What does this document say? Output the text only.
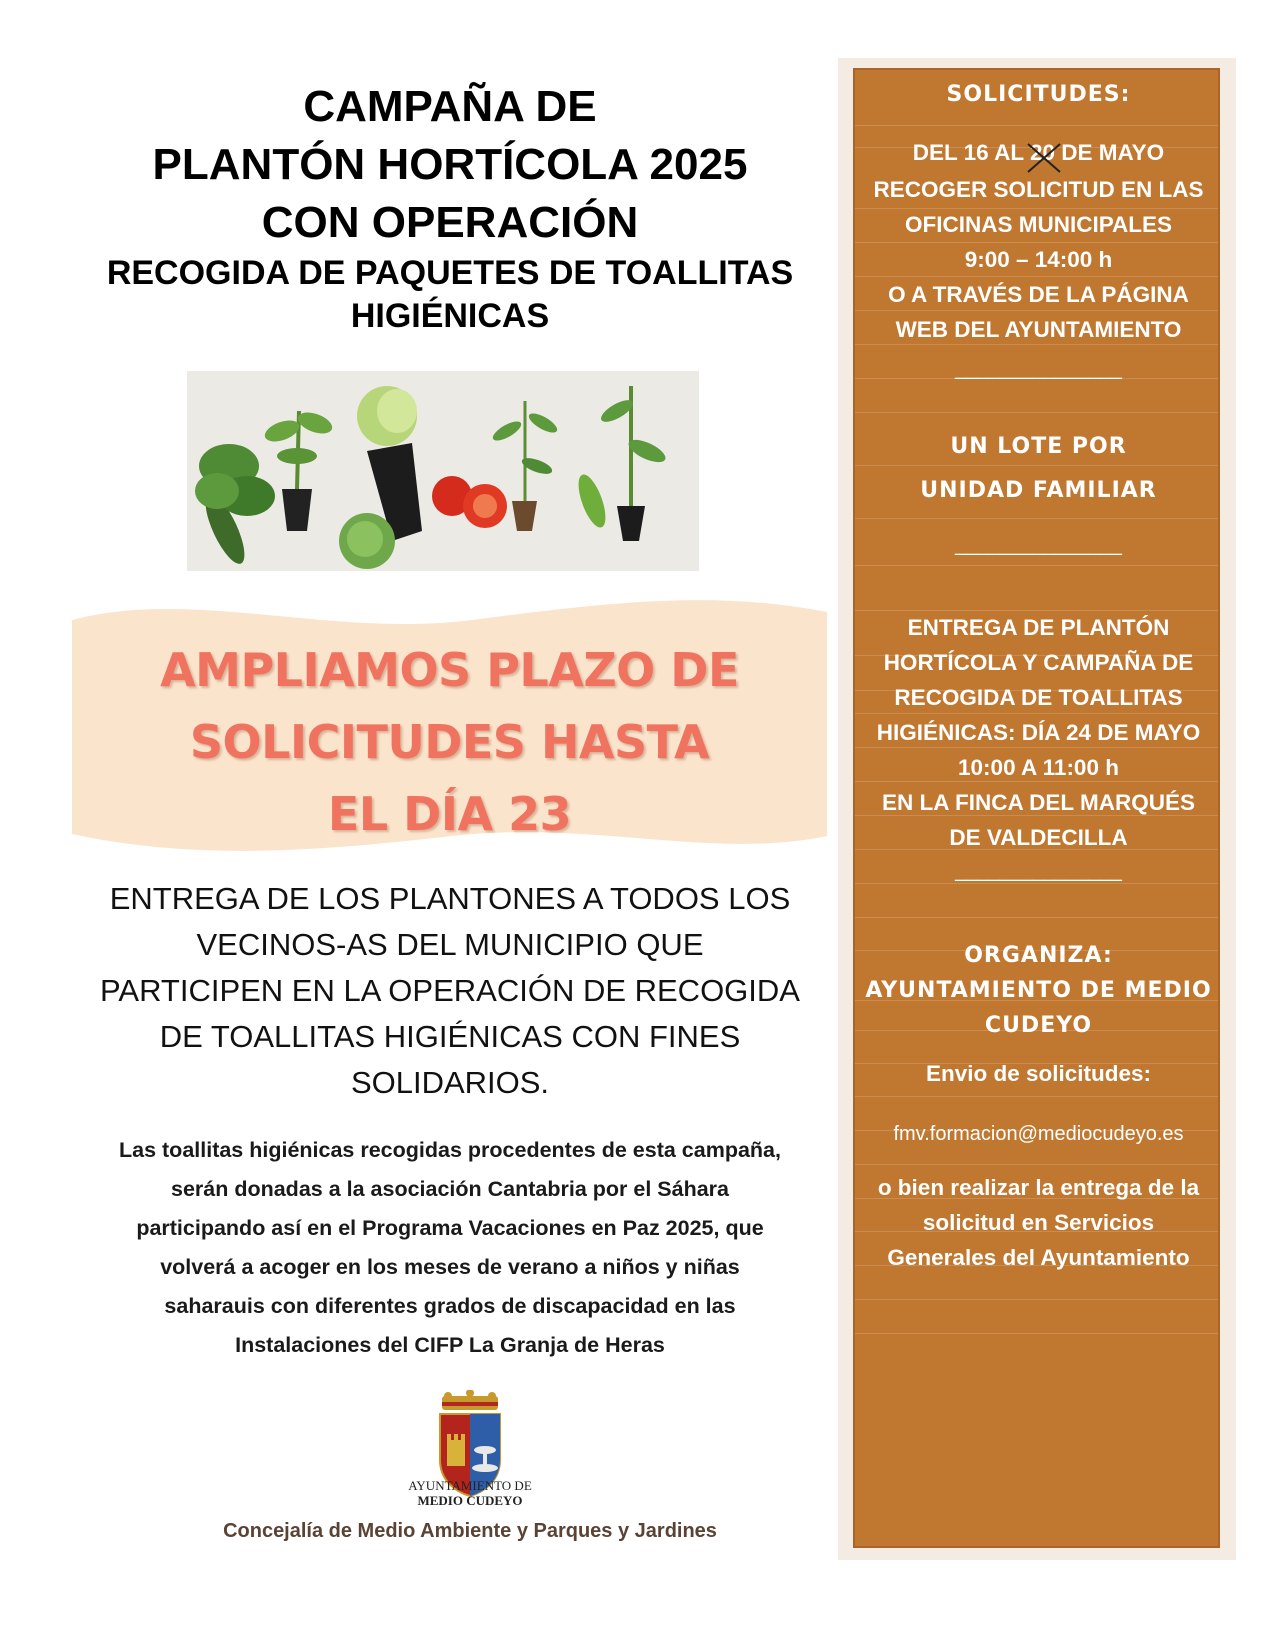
CAMPAÑA DE
PLANTÓN HORTÍCOLA 2025
CON OPERACIÓN
RECOGIDA DE PAQUETES DE TOALLITAS
HIGIÉNICAS
AMPLIAMOS PLAZO DE
SOLICITUDES HASTA
EL DÍA 23
ENTREGA DE LOS PLANTONES A TODOS LOS
VECINOS-AS DEL MUNICIPIO QUE
PARTICIPEN EN LA OPERACIÓN DE RECOGIDA
DE TOALLITAS HIGIÉNICAS CON FINES
SOLIDARIOS.
Las toallitas higiénicas recogidas procedentes de esta campaña,
serán donadas a la asociación Cantabria por el Sáhara
participando así en el Programa Vacaciones en Paz 2025, que
volverá a acoger en los meses de verano a niños y niñas
saharauis con diferentes grados de discapacidad en las
Instalaciones del CIFP La Granja de Heras
AYUNTAMIENTO DE
MEDIO CUDEYO
Concejalía de Medio Ambiente y Parques y Jardines
SOLICITUDES:
DEL 16 AL 20 DE MAYO
RECOGER SOLICITUD EN LAS
OFICINAS MUNICIPALES
9:00 – 14:00 h
O A TRAVÉS DE LA PÁGINA
WEB DEL AYUNTAMIENTO
_______________
UN LOTE POR
UNIDAD FAMILIAR
_______________
ENTREGA DE PLANTÓN
HORTÍCOLA Y CAMPAÑA DE
RECOGIDA DE TOALLITAS
HIGIÉNICAS: DÍA 24 DE MAYO
10:00 A 11:00 h
EN LA FINCA DEL MARQUÉS
DE VALDECILLA
_______________
ORGANIZA:
AYUNTAMIENTO DE MEDIO
CUDEYO
Envio de solicitudes:
fmv.formacion@mediocudeyo.es
o bien realizar la entrega de la
solicitud en Servicios
Generales del Ayuntamiento
